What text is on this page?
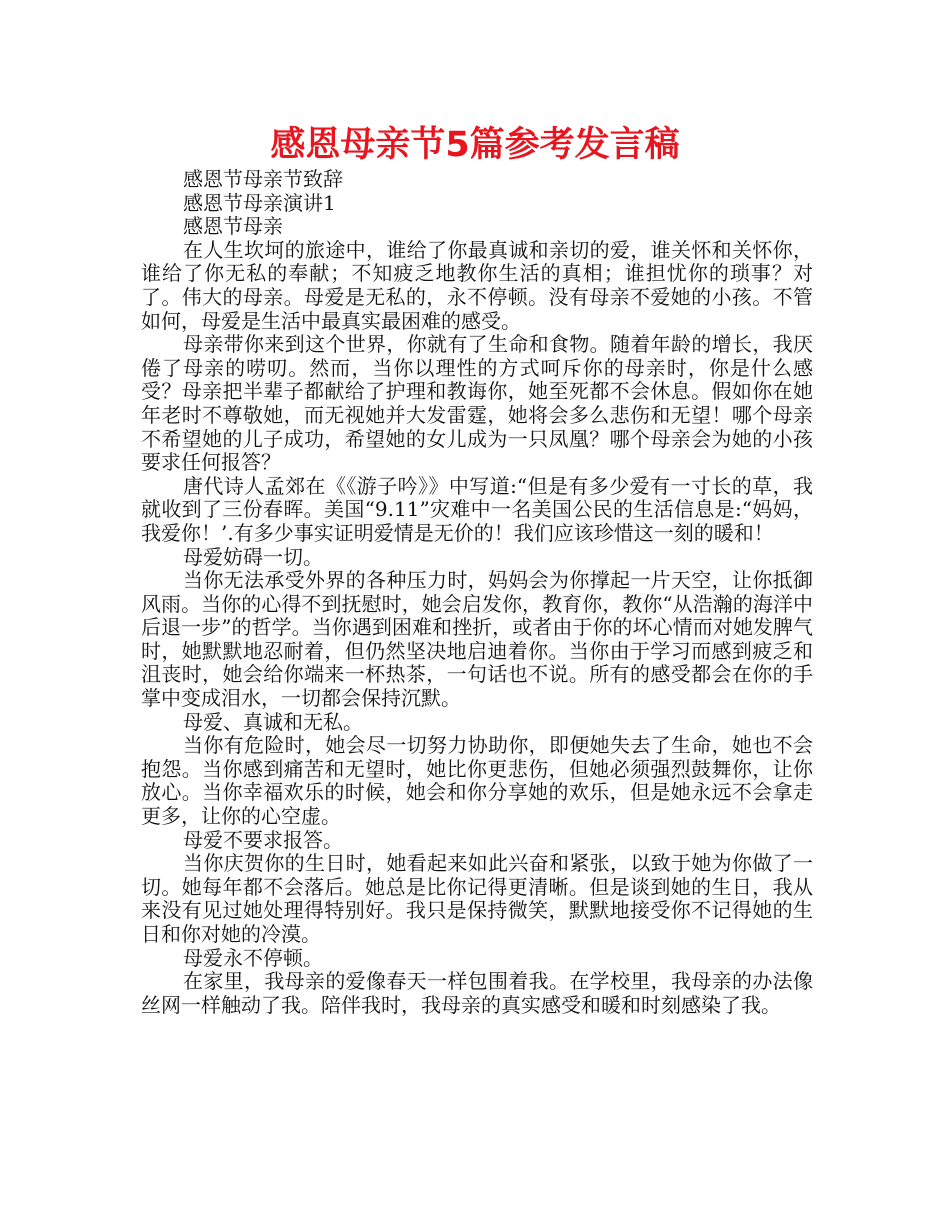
感恩母亲节5篇参考发言稿

感恩节母亲节致辞

感恩节母亲演讲1

感恩节母亲

在人生坎坷的旅途中，谁给了你最真诚和亲切的爱，谁关怀和关怀你，谁给了你无私的奉献；不知疲乏地教你生活的真相；谁担忧你的琐事？对了。伟大的母亲。母爱是无私的，永不停顿。没有母亲不爱她的小孩。不管如何，母爱是生活中最真实最困难的感受。

母亲带你来到这个世界，你就有了生命和食物。随着年龄的增长，我厌倦了母亲的唠叨。然而，当你以理性的方式呵斥你的母亲时，你是什么感受？母亲把半辈子都献给了护理和教诲你，她至死都不会休息。假如你在她年老时不尊敬她，而无视她并大发雷霆，她将会多么悲伤和无望！哪个母亲不希望她的儿子成功，希望她的女儿成为一只凤凰？哪个母亲会为她的小孩要求任何报答？

唐代诗人孟郊在《《游子吟》》中写道:“但是有多少爱有一寸长的草，我就收到了三份春晖。美国“9.11”灾难中一名美国公民的生活信息是:“妈妈，我爱你！’.有多少事实证明爱情是无价的！我们应该珍惜这一刻的暖和！

母爱妨碍一切。

当你无法承受外界的各种压力时，妈妈会为你撑起一片天空，让你抵御风雨。当你的心得不到抚慰时，她会启发你，教育你，教你“从浩瀚的海洋中后退一步”的哲学。当你遇到困难和挫折，或者由于你的坏心情而对她发脾气时，她默默地忍耐着，但仍然坚决地启迪着你。当你由于学习而感到疲乏和沮丧时，她会给你端来一杯热茶，一句话也不说。所有的感受都会在你的手掌中变成泪水，一切都会保持沉默。

母爱、真诚和无私。

当你有危险时，她会尽一切努力协助你，即便她失去了生命，她也不会抱怨。当你感到痛苦和无望时，她比你更悲伤，但她必须强烈鼓舞你，让你放心。当你幸福欢乐的时候，她会和你分享她的欢乐，但是她永远不会拿走更多，让你的心空虚。

母爱不要求报答。

当你庆贺你的生日时，她看起来如此兴奋和紧张，以致于她为你做了一切。她每年都不会落后。她总是比你记得更清晰。但是谈到她的生日，我从来没有见过她处理得特别好。我只是保持微笑，默默地接受你不记得她的生日和你对她的冷漠。

母爱永不停顿。

在家里，我母亲的爱像春天一样包围着我。在学校里，我母亲的办法像丝网一样触动了我。陪伴我时，我母亲的真实感受和暖和时刻感染了我。
